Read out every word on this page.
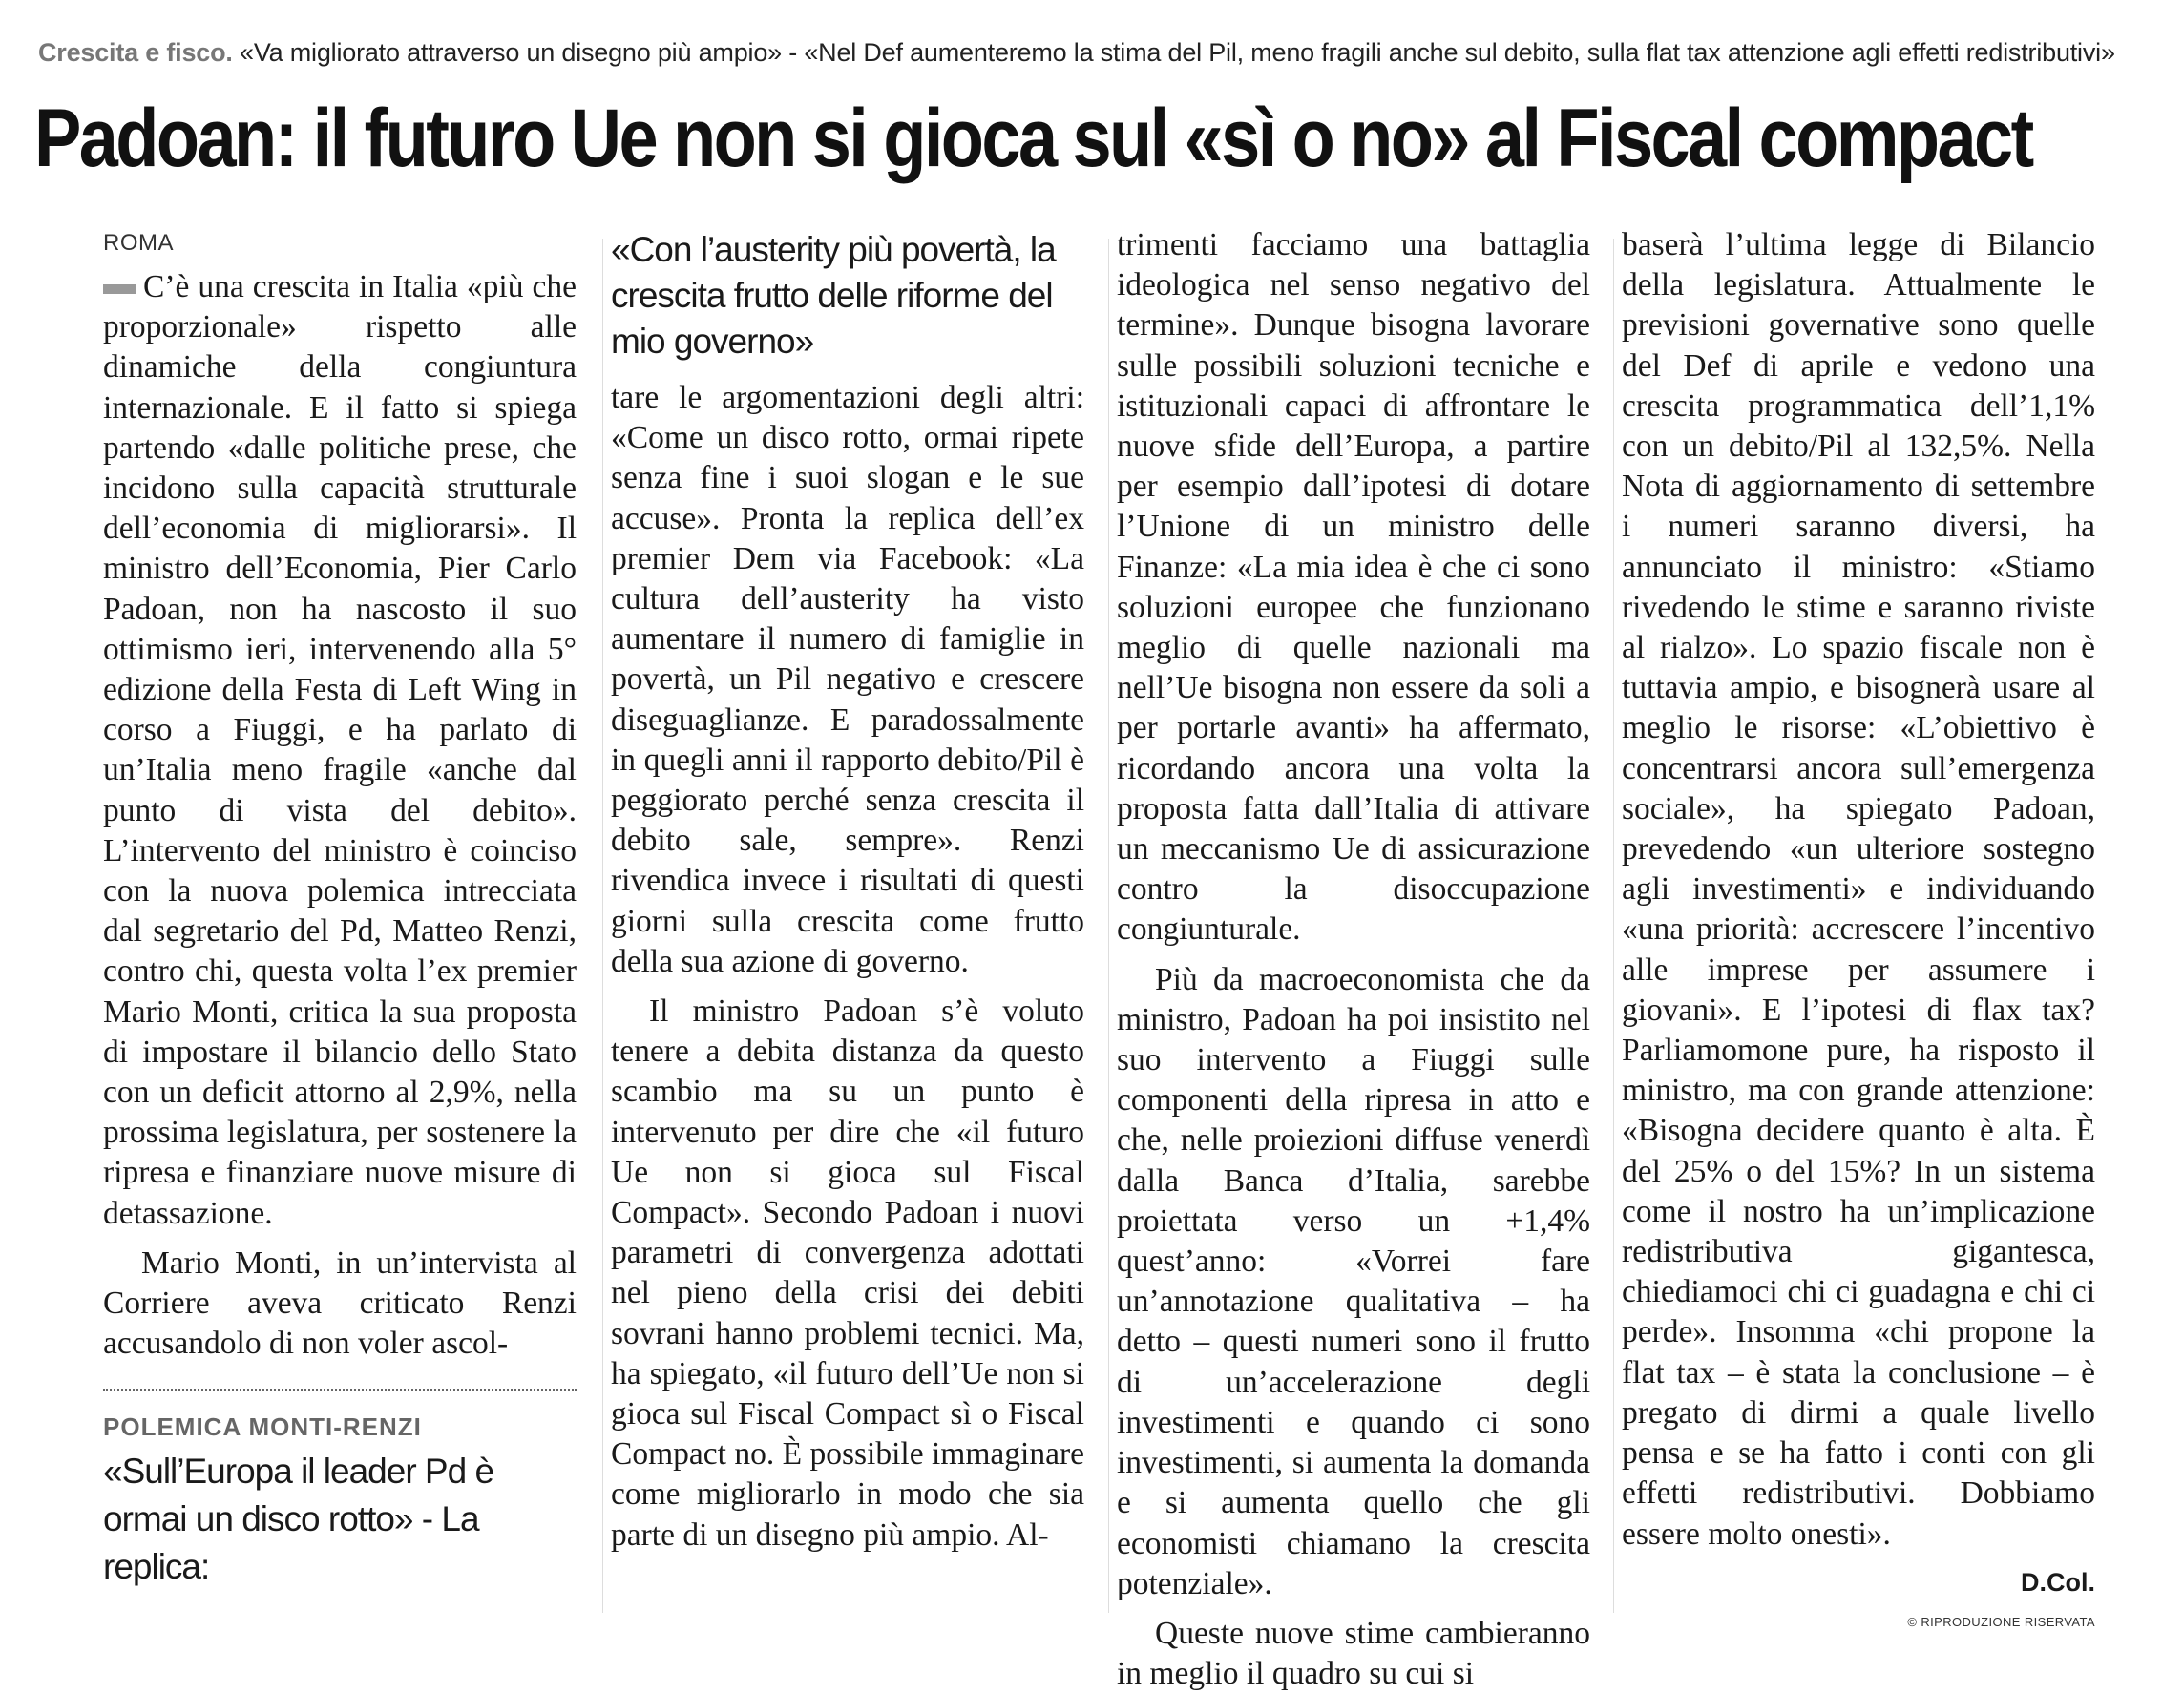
Crescita e fisco. «Va migliorato attraverso un disegno più ampio» - «Nel Def aumenteremo la stima del Pil, meno fragili anche sul debito, sulla flat tax attenzione agli effetti redistributivi»
Padoan: il futuro Ue non si gioca sul «sì o no» al Fiscal compact
ROMA

C’è una crescita in Italia «più che proporzionale» rispetto alle dinamiche della congiuntura internazionale. E il fatto si spiega partendo «dalle politiche prese, che incidono sulla capacità strutturale dell’economia di migliorarsi». Il ministro dell’Economia, Pier Carlo Padoan, non ha nascosto il suo ottimismo ieri, intervenendo alla 5° edizione della Festa di Left Wing in corso a Fiuggi, e ha parlato di un’Italia meno fragile «anche dal punto di vista del debito». L’intervento del ministro è coinciso con la nuova polemica intrecciata dal segretario del Pd, Matteo Renzi, contro chi, questa volta l’ex premier Mario Monti, critica la sua proposta di impostare il bilancio dello Stato con un deficit attorno al 2,9%, nella prossima legislatura, per sostenere la ripresa e finanziare nuove misure di detassazione.

Mario Monti, in un’intervista al Corriere aveva criticato Renzi accusandolo di non voler ascol-

POLEMICA MONTI-RENZI
«Sull’Europa il leader Pd è ormai un disco rotto» - La replica:
«Con l’austerity più povertà, la crescita frutto delle riforme del mio governo»

tare le argomentazioni degli altri: «Come un disco rotto, ormai ripete senza fine i suoi slogan e le sue accuse». Pronta la replica dell’ex premier Dem via Facebook: «La cultura dell’austerity ha visto aumentare il numero di famiglie in povertà, un Pil negativo e crescere diseguaglianze. E paradossalmente in quegli anni il rapporto debito/Pil è peggiorato perché senza crescita il debito sale, sempre». Renzi rivendica invece i risultati di questi giorni sulla crescita come frutto della sua azione di governo.

Il ministro Padoan s’è voluto tenere a debita distanza da questo scambio ma su un punto è intervenuto per dire che «il futuro Ue non si gioca sul Fiscal Compact». Secondo Padoan i nuovi parametri di convergenza adottati nel pieno della crisi dei debiti sovrani hanno problemi tecnici. Ma, ha spiegato, «il futuro dell’Ue non si gioca sul Fiscal Compact sì o Fiscal Compact no. È possibile immaginare come migliorarlo in modo che sia parte di un disegno più ampio. Al-

trimenti facciamo una battaglia ideologica nel senso negativo del termine». Dunque bisogna lavorare sulle possibili soluzioni tecniche e istituzionali capaci di affrontare le nuove sfide dell’Europa, a partire per esempio dall’ipotesi di dotare l’Unione di un ministro delle Finanze: «La mia idea è che ci sono soluzioni europee che funzionano meglio di quelle nazionali ma nell’Ue bisogna non essere da soli a per portarle avanti» ha affermato, ricordando ancora una volta la proposta fatta dall’Italia di attivare un meccanismo Ue di assicurazione contro la disoccupazione congiunturale.

Più da macroeconomista che da ministro, Padoan ha poi insistito nel suo intervento a Fiuggi sulle componenti della ripresa in atto e che, nelle proiezioni diffuse venerdì dalla Banca d’Italia, sarebbe proiettata verso un +1,4% quest’anno: «Vorrei fare un’annotazione qualitativa – ha detto – questi numeri sono il frutto di un’accelerazione degli investimenti e quando ci sono investimenti, si aumenta la domanda e si aumenta quello che gli economisti chiamano la crescita potenziale».

Queste nuove stime cambieranno in meglio il quadro su cui si

baserà l’ultima legge di Bilancio della legislatura. Attualmente le previsioni governative sono quelle del Def di aprile e vedono una crescita programmatica dell’1,1% con un debito/Pil al 132,5%. Nella Nota di aggiornamento di settembre i numeri saranno diversi, ha annunciato il ministro: «Stiamo rivedendo le stime e saranno riviste al rialzo». Lo spazio fiscale non è tuttavia ampio, e bisognerà usare al meglio le risorse: «L’obiettivo è concentrarsi ancora sull’emergenza sociale», ha spiegato Padoan, prevedendo «un ulteriore sostegno agli investimenti» e individuando «una priorità: accrescere l’incentivo alle imprese per assumere i giovani». E l’ipotesi di flax tax? Parliamomone pure, ha risposto il ministro, ma con grande attenzione: «Bisogna decidere quanto è alta. È del 25% o del 15%? In un sistema come il nostro ha un’implicazione redistributiva gigantesca, chiediamoci chi ci guadagna e chi ci perde». Insomma «chi propone la flat tax – è stata la conclusione – è pregato di dirmi a quale livello pensa e se ha fatto i conti con gli effetti redistributivi. Dobbiamo essere molto onesti».

D.Col.
© RIPRODUZIONE RISERVATA
